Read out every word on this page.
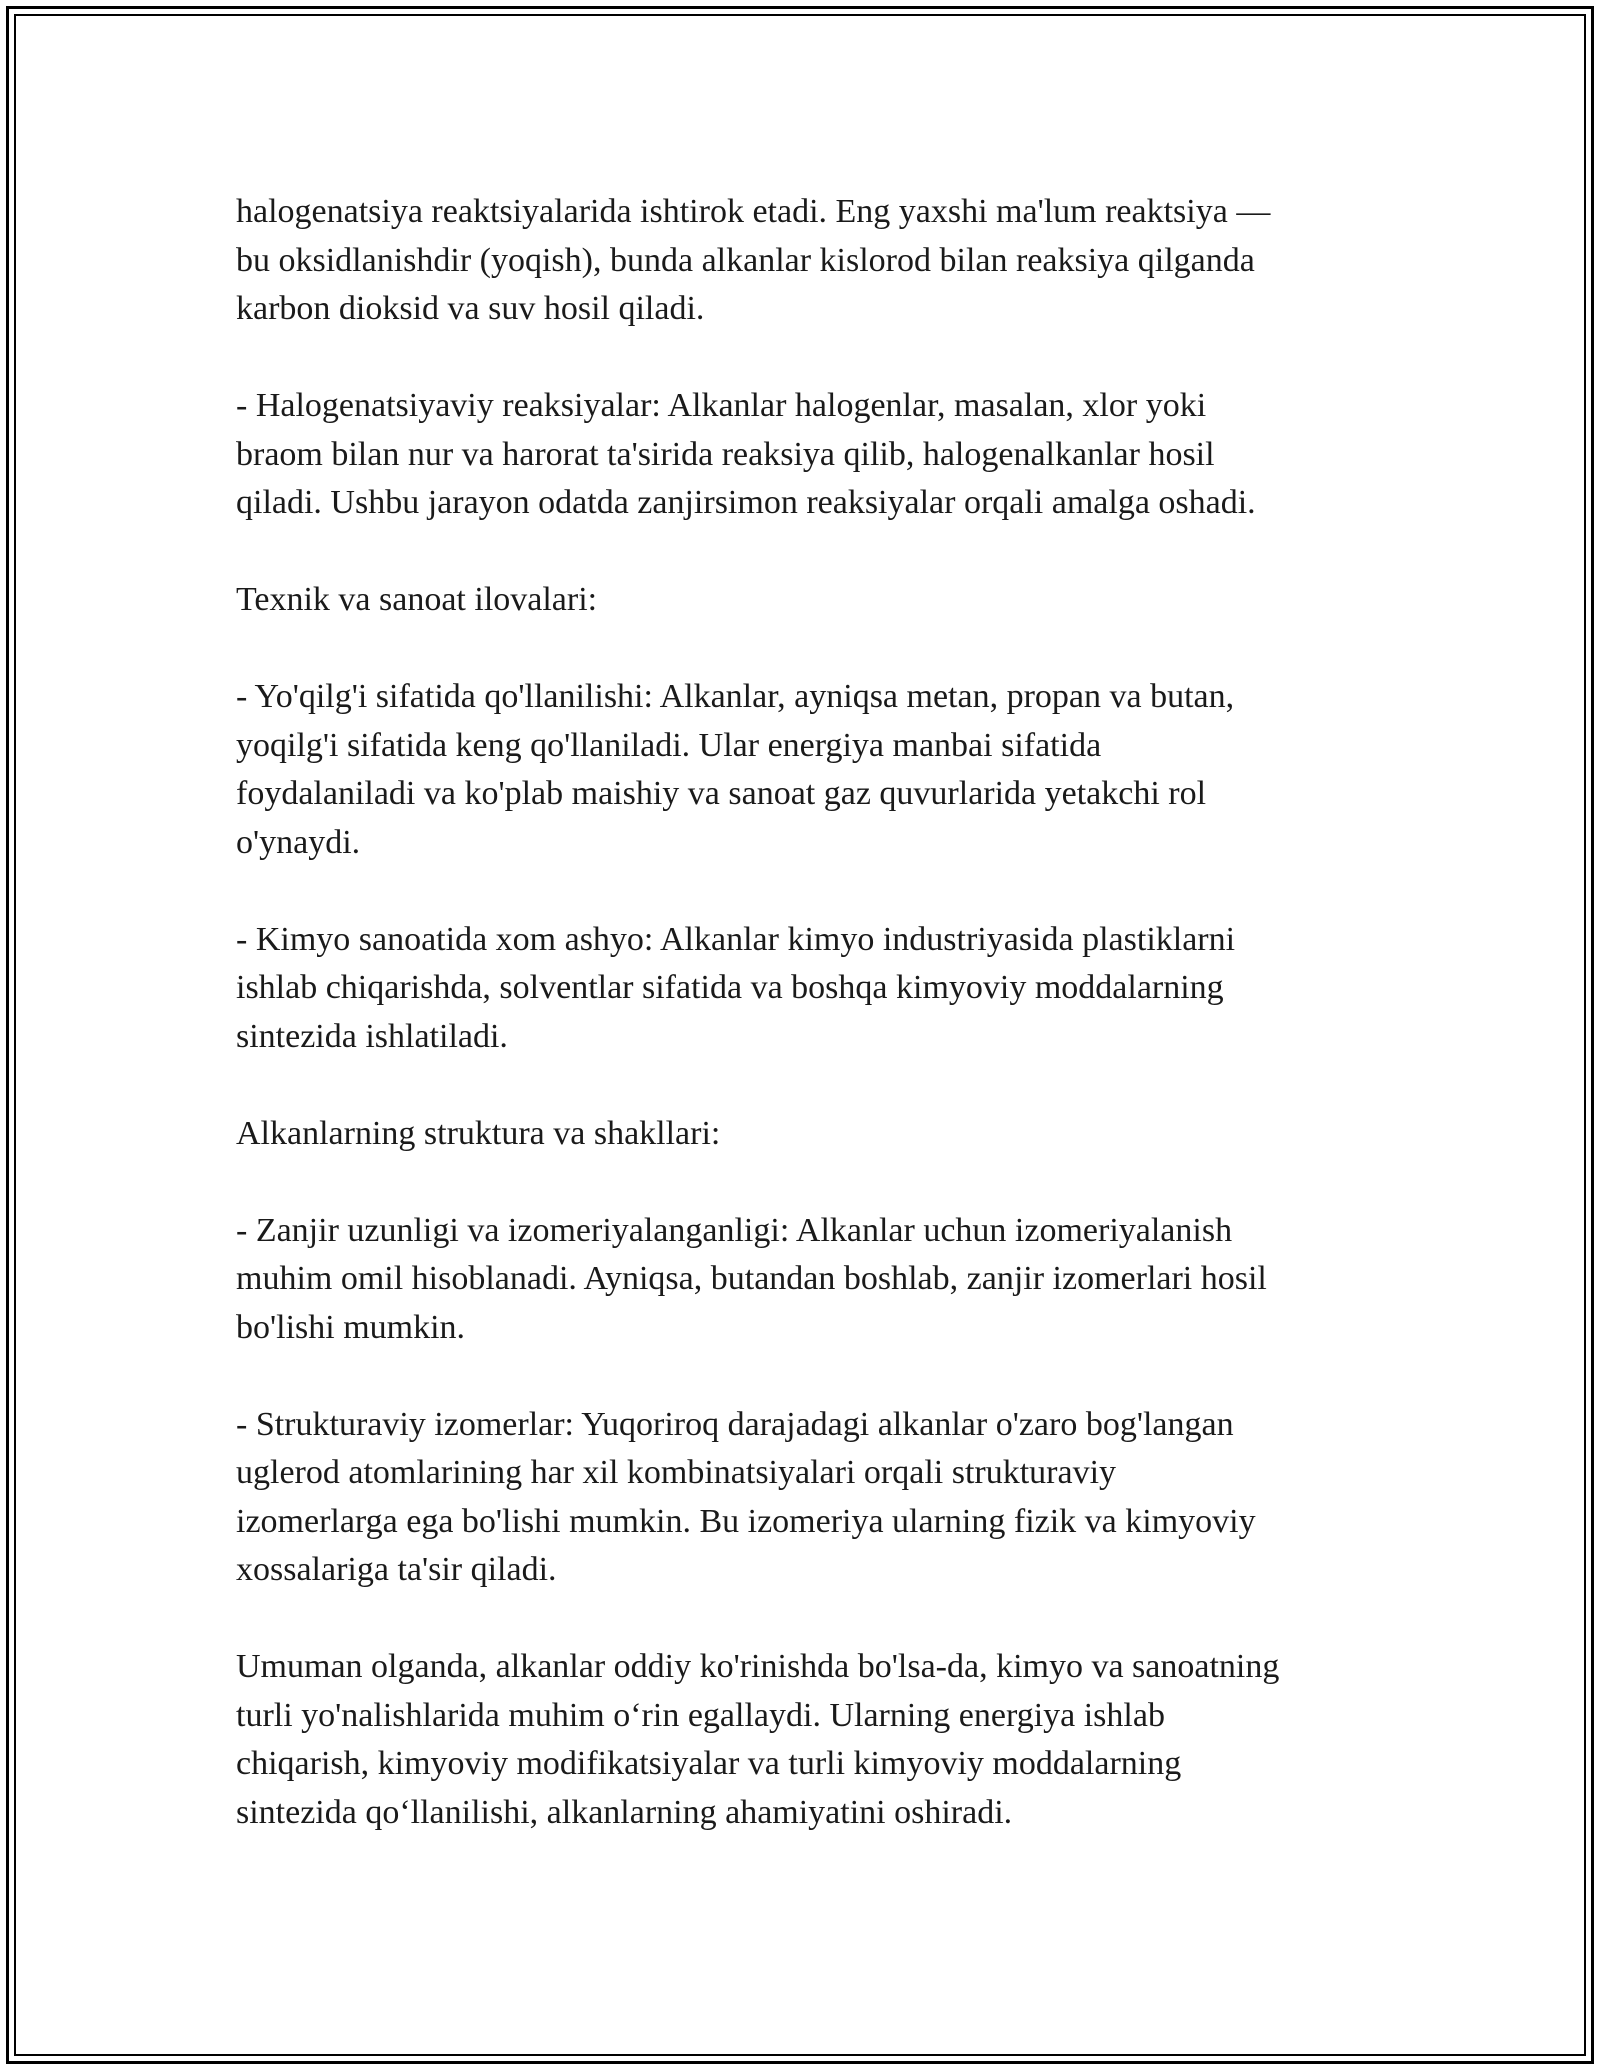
halogenatsiya reaktsiyalarida ishtirok etadi. Eng yaxshi ma'lum reaktsiya —
bu oksidlanishdir (yoqish), bunda alkanlar kislorod bilan reaksiya qilganda
karbon dioksid va suv hosil qiladi.

- Halogenatsiyaviy reaksiyalar: Alkanlar halogenlar, masalan, xlor yoki
braom bilan nur va harorat ta'sirida reaksiya qilib, halogenalkanlar hosil
qiladi. Ushbu jarayon odatda zanjirsimon reaksiyalar orqali amalga oshadi.

Texnik va sanoat ilovalari:

- Yo'qilg'i sifatida qo'llanilishi: Alkanlar, ayniqsa metan, propan va butan,
yoqilg'i sifatida keng qo'llaniladi. Ular energiya manbai sifatida
foydalaniladi va ko'plab maishiy va sanoat gaz quvurlarida yetakchi rol
o'ynaydi.

- Kimyo sanoatida xom ashyo: Alkanlar kimyo industriyasida plastiklarni
ishlab chiqarishda, solventlar sifatida va boshqa kimyoviy moddalarning
sintezida ishlatiladi.

Alkanlarning struktura va shakllari:

- Zanjir uzunligi va izomeriyalanganligi: Alkanlar uchun izomeriyalanish
muhim omil hisoblanadi. Ayniqsa, butandan boshlab, zanjir izomerlari hosil
bo'lishi mumkin.

- Strukturaviy izomerlar: Yuqoriroq darajadagi alkanlar o'zaro bog'langan
uglerod atomlarining har xil kombinatsiyalari orqali strukturaviy
izomerlarga ega bo'lishi mumkin. Bu izomeriya ularning fizik va kimyoviy
xossalariga ta'sir qiladi.

Umuman olganda, alkanlar oddiy ko'rinishda bo'lsa-da, kimyo va sanoatning
turli yo'nalishlarida muhim o‘rin egallaydi. Ularning energiya ishlab
chiqarish, kimyoviy modifikatsiyalar va turli kimyoviy moddalarning
sintezida qo‘llanilishi, alkanlarning ahamiyatini oshiradi.
